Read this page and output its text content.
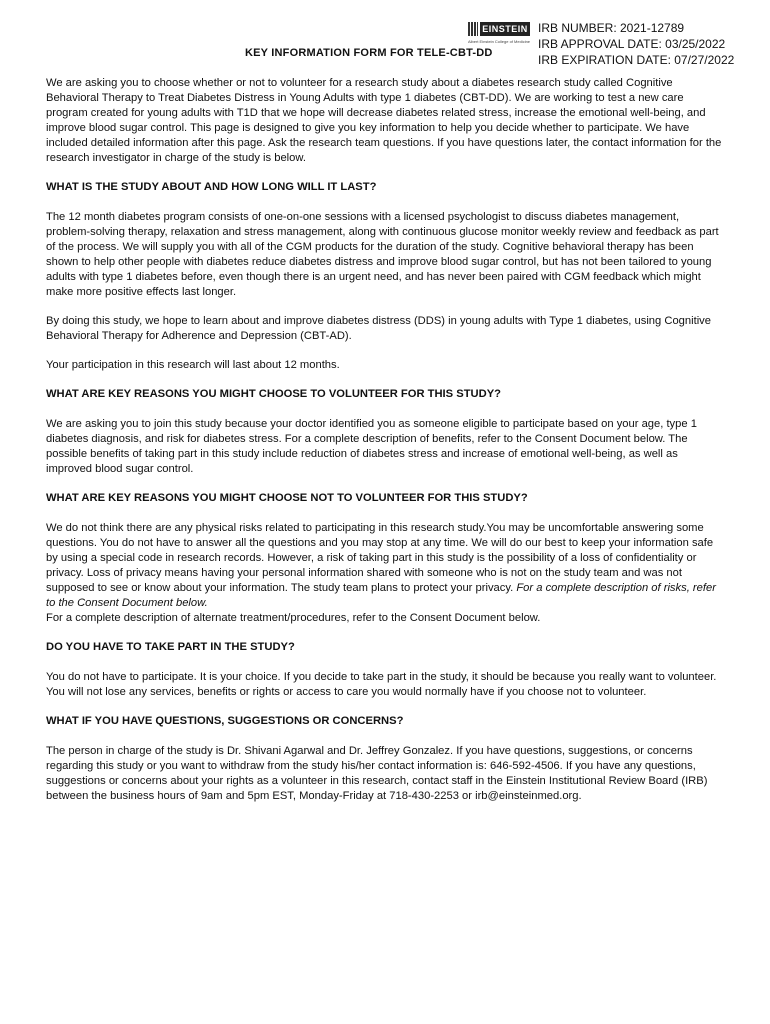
EINSTEIN
Albert Einstein College of Medicine
IRB NUMBER: 2021-12789
IRB APPROVAL DATE: 03/25/2022
IRB EXPIRATION DATE: 07/27/2022
KEY INFORMATION FORM FOR TELE-CBT-DD

We are asking you to choose whether or not to volunteer for a research study about a diabetes research study called Cognitive Behavioral Therapy to Treat Diabetes Distress in Young Adults with type 1 diabetes (CBT-DD). We are working to test a new care program created for young adults with T1D that we hope will decrease diabetes related stress, increase the emotional well-being, and improve blood sugar control. This page is designed to give you key information to help you decide whether to participate. We have included detailed information after this page. Ask the research team questions. If you have questions later, the contact information for the research investigator in charge of the study is below.

WHAT IS THE STUDY ABOUT AND HOW LONG WILL IT LAST?

The 12 month diabetes program consists of one-on-one sessions with a licensed psychologist to discuss diabetes management, problem-solving therapy, relaxation and stress management, along with continuous glucose monitor weekly review and feedback as part of the process. We will supply you with all of the CGM products for the duration of the study. Cognitive behavioral therapy has been shown to help other people with diabetes reduce diabetes distress and improve blood sugar control, but has not been tailored to young adults with type 1 diabetes before, even though there is an urgent need, and has never been paired with CGM feedback which might make more positive effects last longer.

By doing this study, we hope to learn about and improve diabetes distress (DDS) in young adults with Type 1 diabetes, using Cognitive Behavioral Therapy for Adherence and Depression (CBT-AD).

Your participation in this research will last about 12 months.

WHAT ARE KEY REASONS YOU MIGHT CHOOSE TO VOLUNTEER FOR THIS STUDY?

We are asking you to join this study because your doctor identified you as someone eligible to participate based on your age, type 1 diabetes diagnosis, and risk for diabetes stress. For a complete description of benefits, refer to the Consent Document below. The possible benefits of taking part in this study include reduction of diabetes stress and increase of emotional well-being, as well as improved blood sugar control.

WHAT ARE KEY REASONS YOU MIGHT CHOOSE NOT TO VOLUNTEER FOR THIS STUDY?

We do not think there are any physical risks related to participating in this research study.You may be uncomfortable answering some questions. You do not have to answer all the questions and you may stop at any time. We will do our best to keep your information safe by using a special code in research records. However, a risk of taking part in this study is the possibility of a loss of confidentiality or privacy. Loss of privacy means having your personal information shared with someone who is not on the study team and was not supposed to see or know about your information. The study team plans to protect your privacy. For a complete description of risks, refer to the Consent Document below.

For a complete description of alternate treatment/procedures, refer to the Consent Document below.

DO YOU HAVE TO TAKE PART IN THE STUDY?

You do not have to participate. It is your choice. If you decide to take part in the study, it should be because you really want to volunteer. You will not lose any services, benefits or rights or access to care you would normally have if you choose not to volunteer.

WHAT IF YOU HAVE QUESTIONS, SUGGESTIONS OR CONCERNS?

The person in charge of the study is Dr. Shivani Agarwal and Dr. Jeffrey Gonzalez. If you have questions, suggestions, or concerns regarding this study or you want to withdraw from the study his/her contact information is: 646-592-4506. If you have any questions, suggestions or concerns about your rights as a volunteer in this research, contact staff in the Einstein Institutional Review Board (IRB) between the business hours of 9am and 5pm EST, Monday-Friday at 718-430-2253 or irb@einsteinmed.org.
